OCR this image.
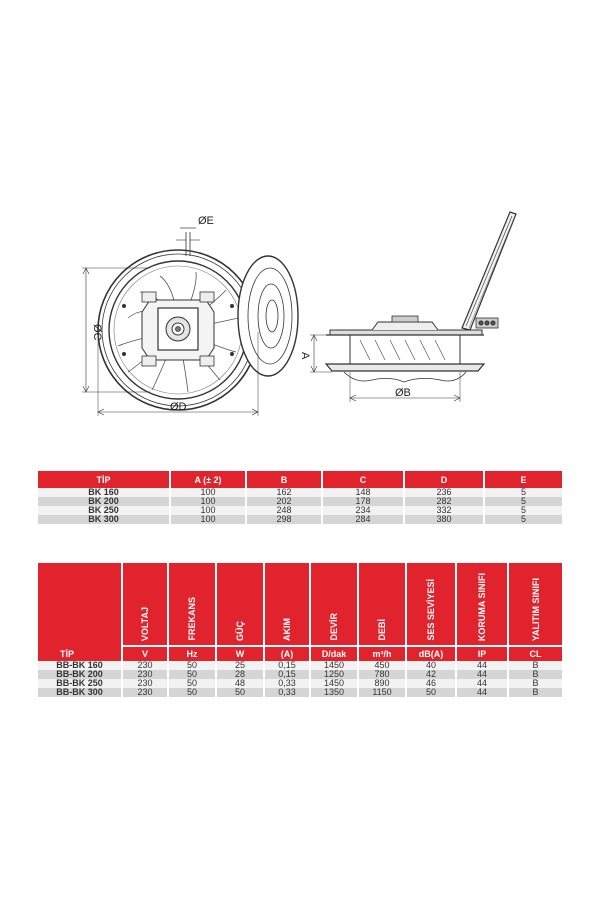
ØE
ØC
ØD
A
ØB
TİP	A (± 2)	B	C	D	E
BK 160	100	162	148	236	5
BK 200	100	202	178	282	5
BK 250	100	248	234	332	5
BK 300	100	298	284	380	5
TİP	VOLTAJ	FREKANS	GÜÇ	AKIM	DEVİR	DEBİ	SES SEVİYESİ	KORUMA SINIFI	YALITIM SINIFI
	V	Hz	W	(A)	D/dak	m³/h	dB(A)	IP	CL
BB-BK 160	230	50	25	0,15	1450	450	40	44	B
BB-BK 200	230	50	28	0,15	1250	780	42	44	B
BB-BK 250	230	50	48	0,33	1450	890	46	44	B
BB-BK 300	230	50	50	0,33	1350	1150	50	44	B
